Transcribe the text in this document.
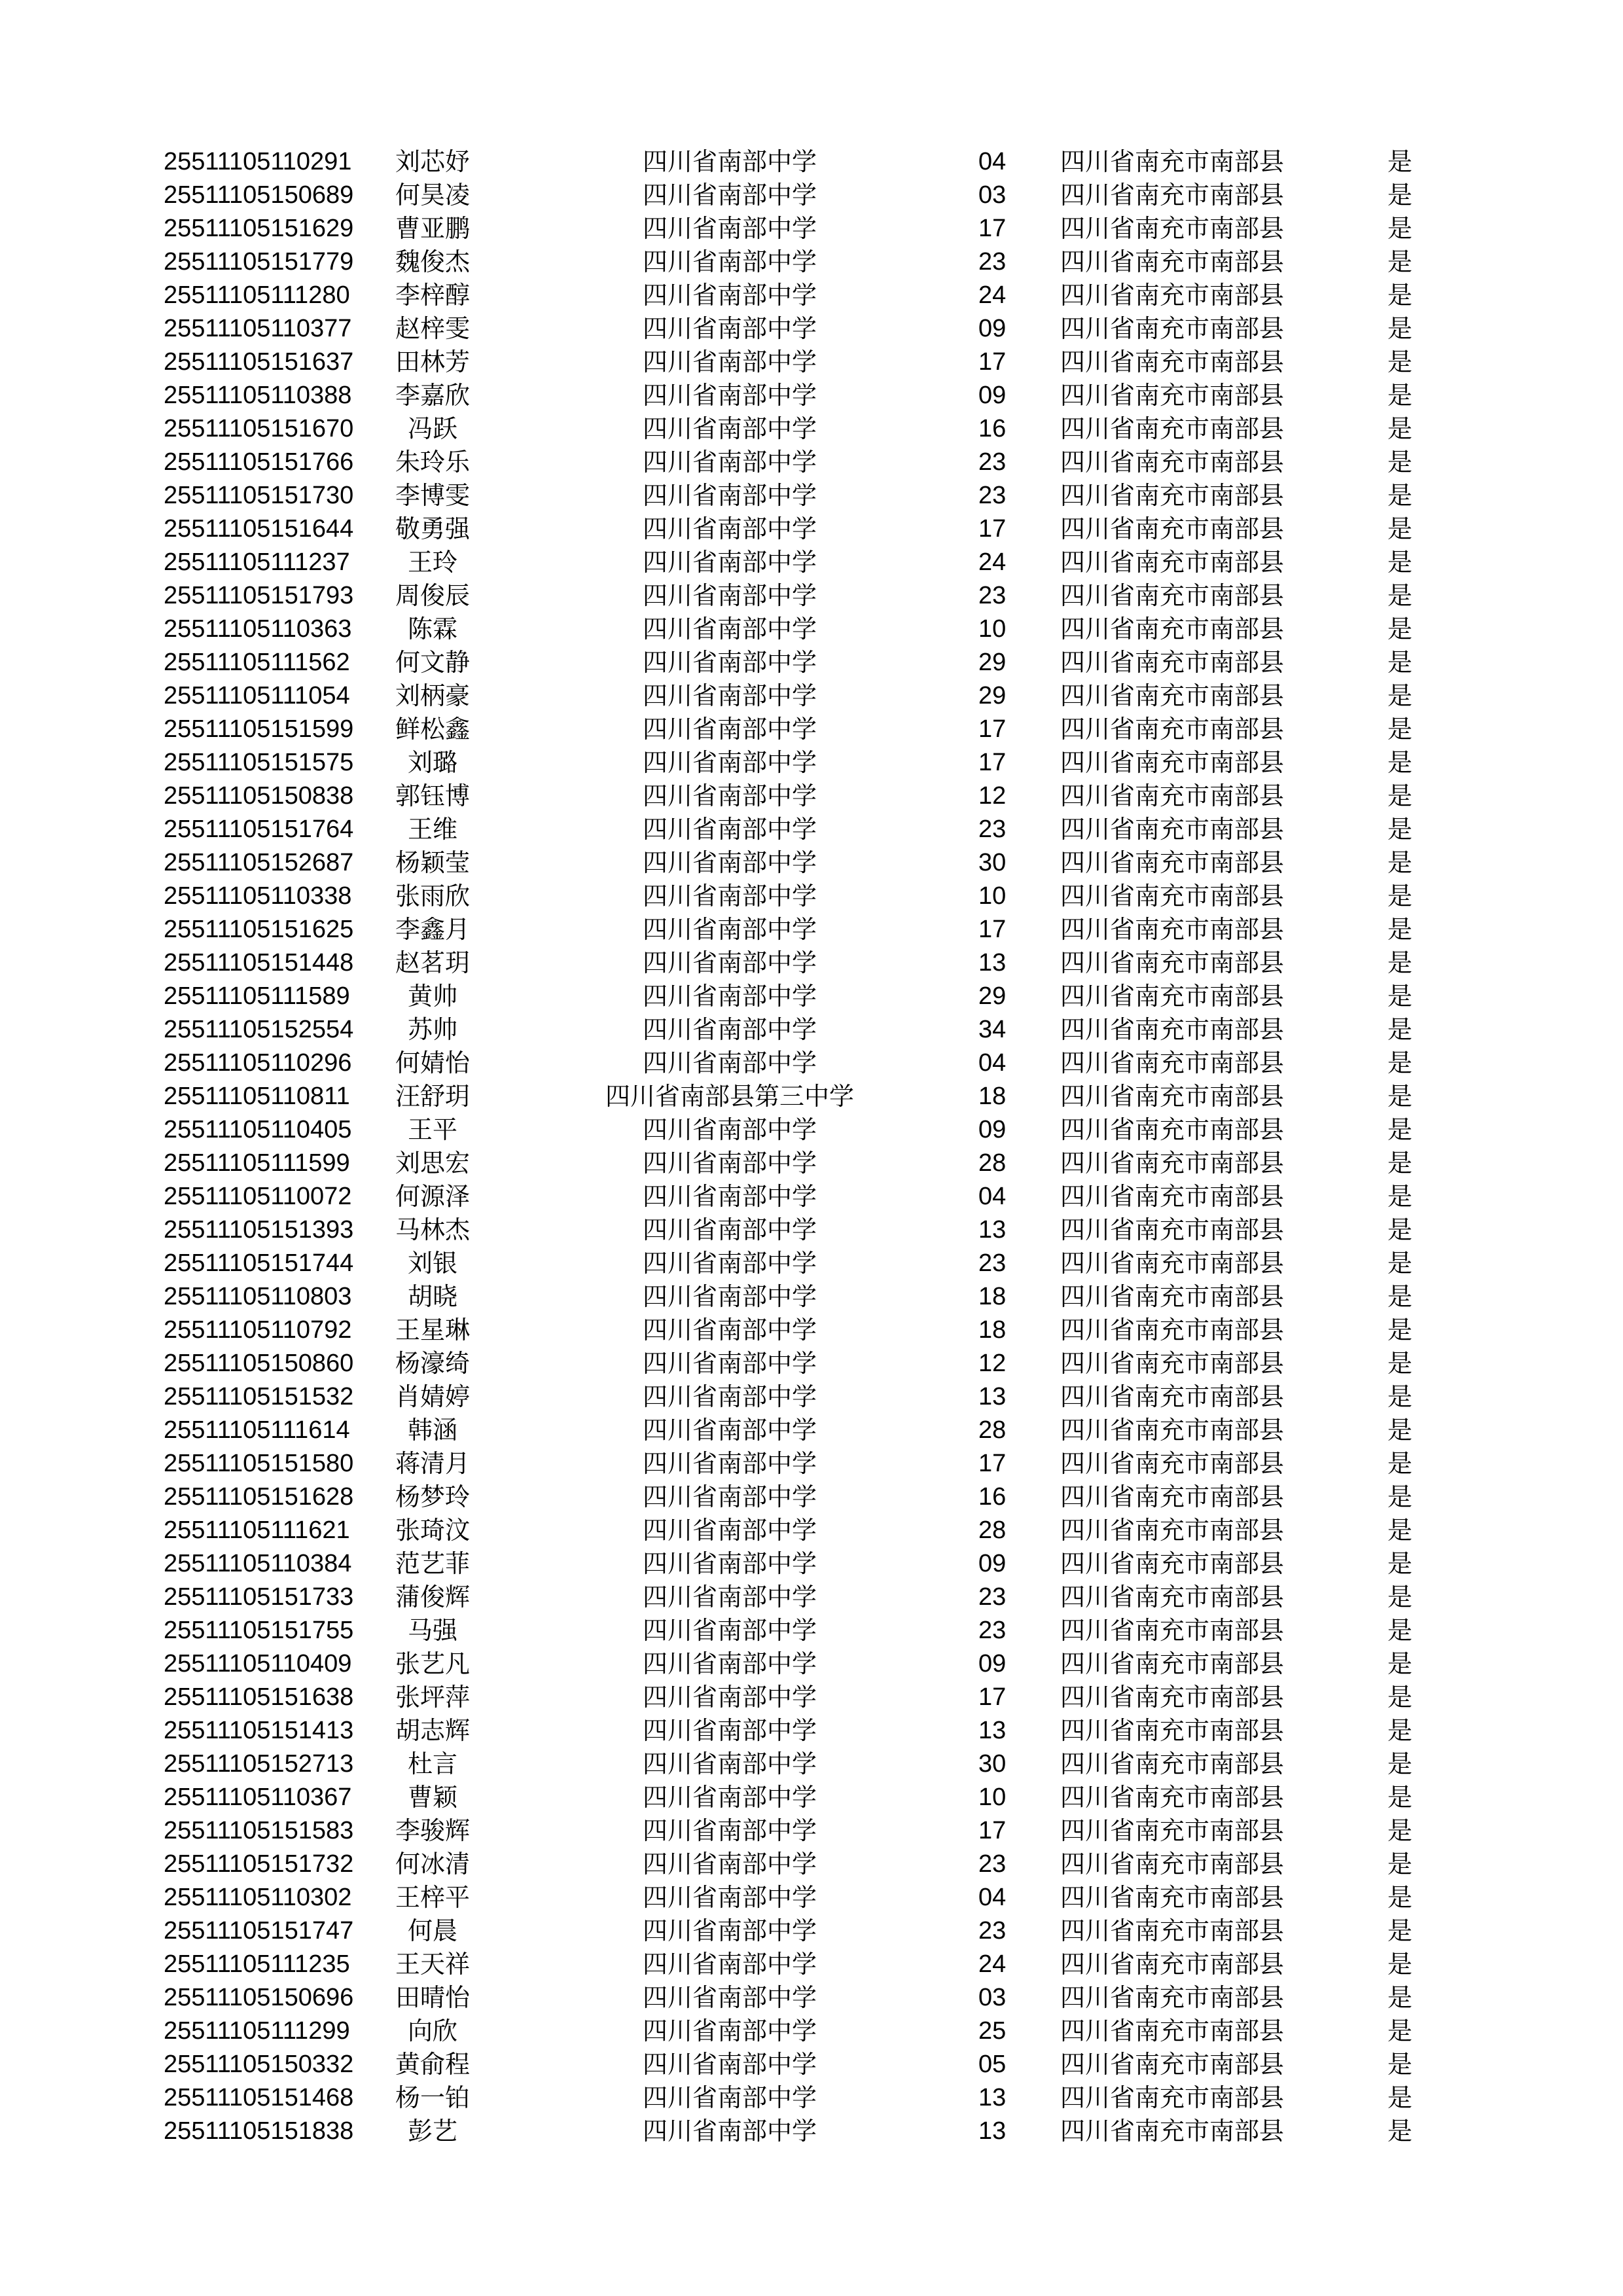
25511105110291	刘芯妤	四川省南部中学	04 四川省南充市南部县	是
25511105150689	何昊凌	四川省南部中学	03 四川省南充市南部县	是
25511105151629	曹亚鹏	四川省南部中学	17 四川省南充市南部县	是
25511105151779	魏俊杰	四川省南部中学	23 四川省南充市南部县	是
25511105111280	李梓醇	四川省南部中学	24 四川省南充市南部县	是
25511105110377	赵梓雯	四川省南部中学	09 四川省南充市南部县	是
25511105151637	田林芳	四川省南部中学	17 四川省南充市南部县	是
25511105110388	李嘉欣	四川省南部中学	09 四川省南充市南部县	是
25511105151670	冯跃	四川省南部中学	16 四川省南充市南部县	是
25511105151766	朱玲乐	四川省南部中学	23 四川省南充市南部县	是
25511105151730	李博雯	四川省南部中学	23 四川省南充市南部县	是
25511105151644	敬勇强	四川省南部中学	17 四川省南充市南部县	是
25511105111237	王玲	四川省南部中学	24 四川省南充市南部县	是
25511105151793	周俊辰	四川省南部中学	23 四川省南充市南部县	是
25511105110363	陈霖	四川省南部中学	10 四川省南充市南部县	是
25511105111562	何文静	四川省南部中学	29 四川省南充市南部县	是
25511105111054	刘柄豪	四川省南部中学	29 四川省南充市南部县	是
25511105151599	鲜松鑫	四川省南部中学	17 四川省南充市南部县	是
25511105151575	刘璐	四川省南部中学	17 四川省南充市南部县	是
25511105150838	郭钰博	四川省南部中学	12 四川省南充市南部县	是
25511105151764	王维	四川省南部中学	23 四川省南充市南部县	是
25511105152687	杨颖莹	四川省南部中学	30 四川省南充市南部县	是
25511105110338	张雨欣	四川省南部中学	10 四川省南充市南部县	是
25511105151625	李鑫月	四川省南部中学	17 四川省南充市南部县	是
25511105151448	赵茗玥	四川省南部中学	13 四川省南充市南部县	是
25511105111589	黄帅	四川省南部中学	29 四川省南充市南部县	是
25511105152554	苏帅	四川省南部中学	34 四川省南充市南部县	是
25511105110296	何婧怡	四川省南部中学	04 四川省南充市南部县	是
25511105110811	汪舒玥	四川省南部县第三中学	18 四川省南充市南部县	是
25511105110405	王平	四川省南部中学	09 四川省南充市南部县	是
25511105111599	刘思宏	四川省南部中学	28 四川省南充市南部县	是
25511105110072	何源泽	四川省南部中学	04 四川省南充市南部县	是
25511105151393	马林杰	四川省南部中学	13 四川省南充市南部县	是
25511105151744	刘银	四川省南部中学	23 四川省南充市南部县	是
25511105110803	胡晓	四川省南部中学	18 四川省南充市南部县	是
25511105110792	王星琳	四川省南部中学	18 四川省南充市南部县	是
25511105150860	杨濠绮	四川省南部中学	12 四川省南充市南部县	是
25511105151532	肖婧婷	四川省南部中学	13 四川省南充市南部县	是
25511105111614	韩涵	四川省南部中学	28 四川省南充市南部县	是
25511105151580	蒋清月	四川省南部中学	17 四川省南充市南部县	是
25511105151628	杨梦玲	四川省南部中学	16 四川省南充市南部县	是
25511105111621	张琦汶	四川省南部中学	28 四川省南充市南部县	是
25511105110384	范艺菲	四川省南部中学	09 四川省南充市南部县	是
25511105151733	蒲俊辉	四川省南部中学	23 四川省南充市南部县	是
25511105151755	马强	四川省南部中学	23 四川省南充市南部县	是
25511105110409	张艺凡	四川省南部中学	09 四川省南充市南部县	是
25511105151638	张坪萍	四川省南部中学	17 四川省南充市南部县	是
25511105151413	胡志辉	四川省南部中学	13 四川省南充市南部县	是
25511105152713	杜言	四川省南部中学	30 四川省南充市南部县	是
25511105110367	曹颖	四川省南部中学	10 四川省南充市南部县	是
25511105151583	李骏辉	四川省南部中学	17 四川省南充市南部县	是
25511105151732	何冰清	四川省南部中学	23 四川省南充市南部县	是
25511105110302	王梓平	四川省南部中学	04 四川省南充市南部县	是
25511105151747	何晨	四川省南部中学	23 四川省南充市南部县	是
25511105111235	王天祥	四川省南部中学	24 四川省南充市南部县	是
25511105150696	田晴怡	四川省南部中学	03 四川省南充市南部县	是
25511105111299	向欣	四川省南部中学	25 四川省南充市南部县	是
25511105150332	黄俞程	四川省南部中学	05 四川省南充市南部县	是
25511105151468	杨一铂	四川省南部中学	13 四川省南充市南部县	是
25511105151838	彭艺	四川省南部中学	13 四川省南充市南部县	是
